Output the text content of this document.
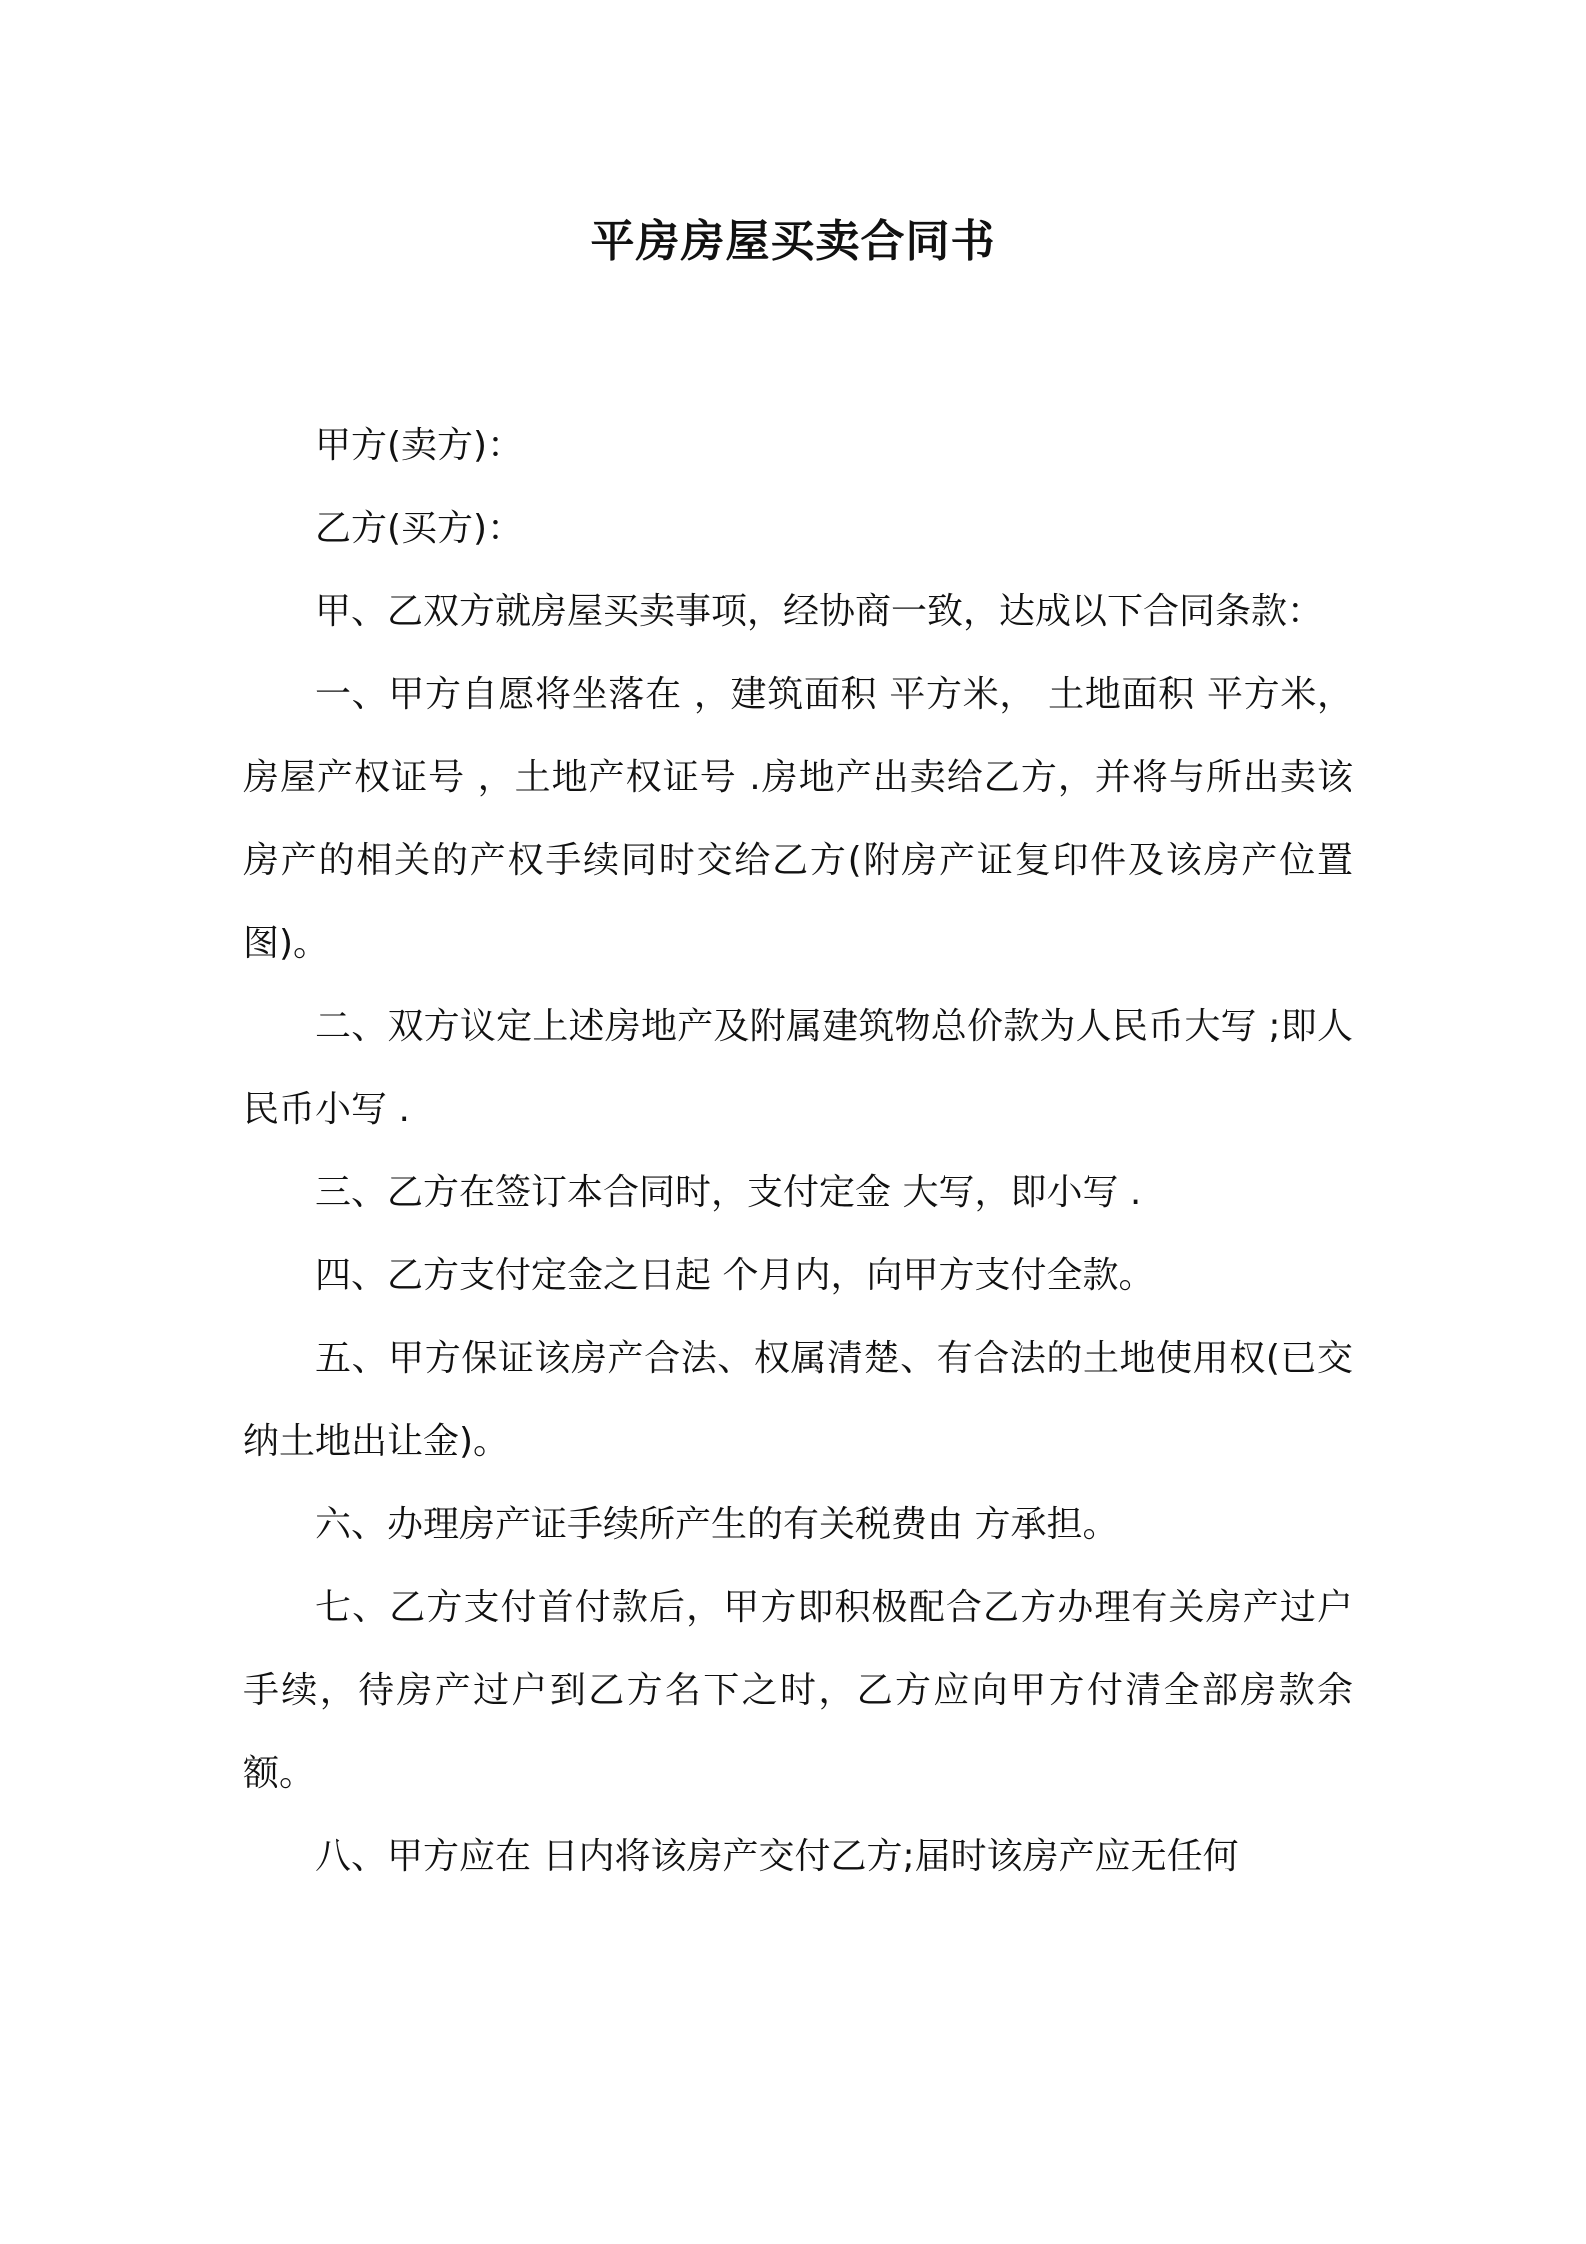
平房房屋买卖合同书

甲方(卖方)：

乙方(买方)：

甲、乙双方就房屋买卖事项，经协商一致，达成以下合同条款：

一、甲方自愿将坐落在 ，建筑面积 平方米， 土地面积 平方米，房屋产权证号 ，土地产权证号 .房地产出卖给乙方，并将与所出卖该房产的相关的产权手续同时交给乙方(附房产证复印件及该房产位置图)。

二、双方议定上述房地产及附属建筑物总价款为人民币大写 ;即人民币小写 .

三、乙方在签订本合同时，支付定金 大写，即小写 .

四、乙方支付定金之日起 个月内，向甲方支付全款。

五、甲方保证该房产合法、权属清楚、有合法的土地使用权(已交纳土地出让金)。

六、办理房产证手续所产生的有关税费由 方承担。

七、乙方支付首付款后，甲方即积极配合乙方办理有关房产过户手续，待房产过户到乙方名下之时，乙方应向甲方付清全部房款余额。

八、甲方应在 日内将该房产交付乙方;届时该房产应无任何
